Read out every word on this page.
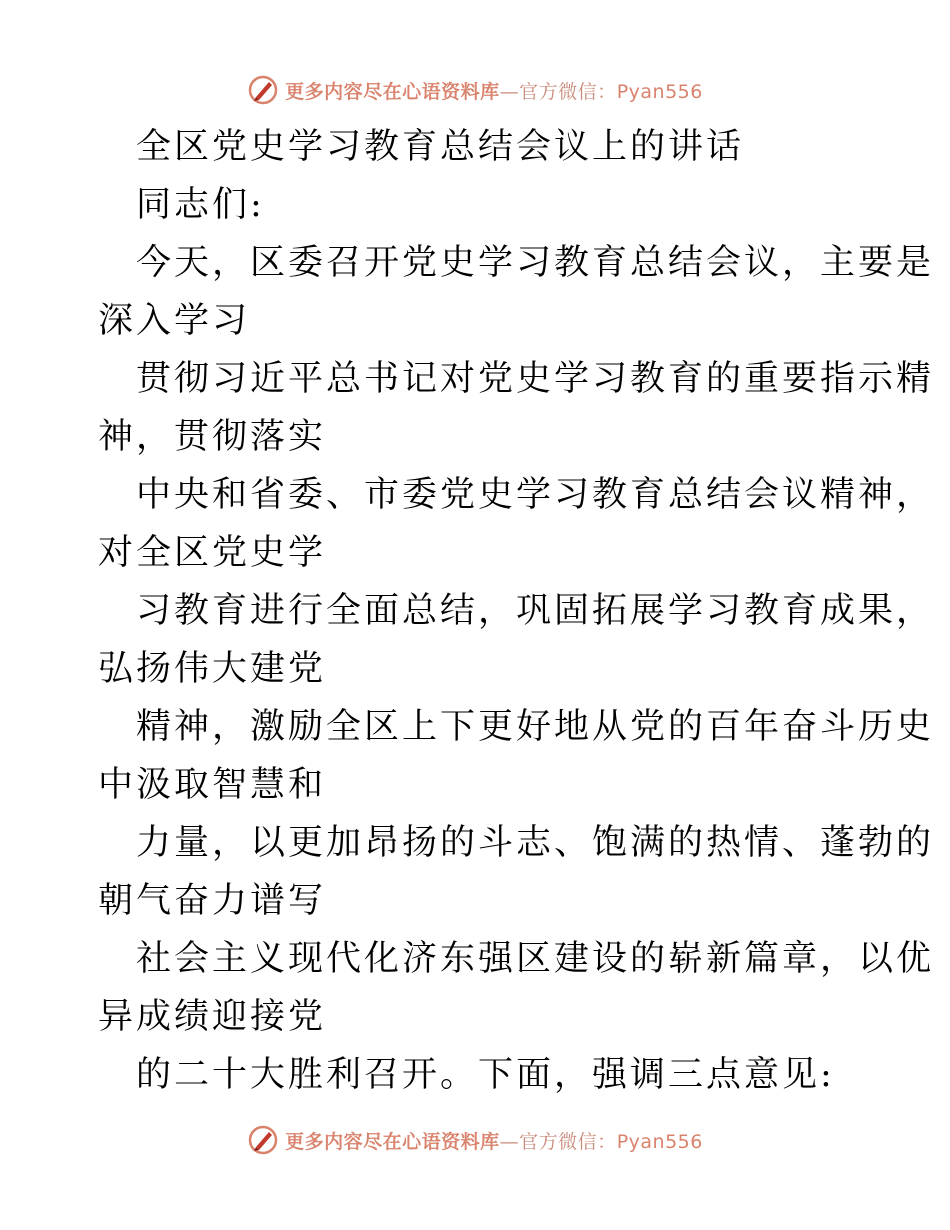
更多内容尽在心语资料库—官方微信：Pyan556
全区党史学习教育总结会议上的讲话
同志们:
今天，区委召开党史学习教育总结会议，主要是
深入学习
贯彻习近平总书记对党史学习教育的重要指示精
神，贯彻落实
中央和省委、市委党史学习教育总结会议精神，
对全区党史学
习教育进行全面总结，巩固拓展学习教育成果，
弘扬伟大建党
精神，激励全区上下更好地从党的百年奋斗历史
中汲取智慧和
力量，以更加昂扬的斗志、饱满的热情、蓬勃的
朝气奋力谱写
社会主义现代化济东强区建设的崭新篇章，以优
异成绩迎接党
的二十大胜利召开。下面，强调三点意见:
更多内容尽在心语资料库—官方微信：Pyan556
